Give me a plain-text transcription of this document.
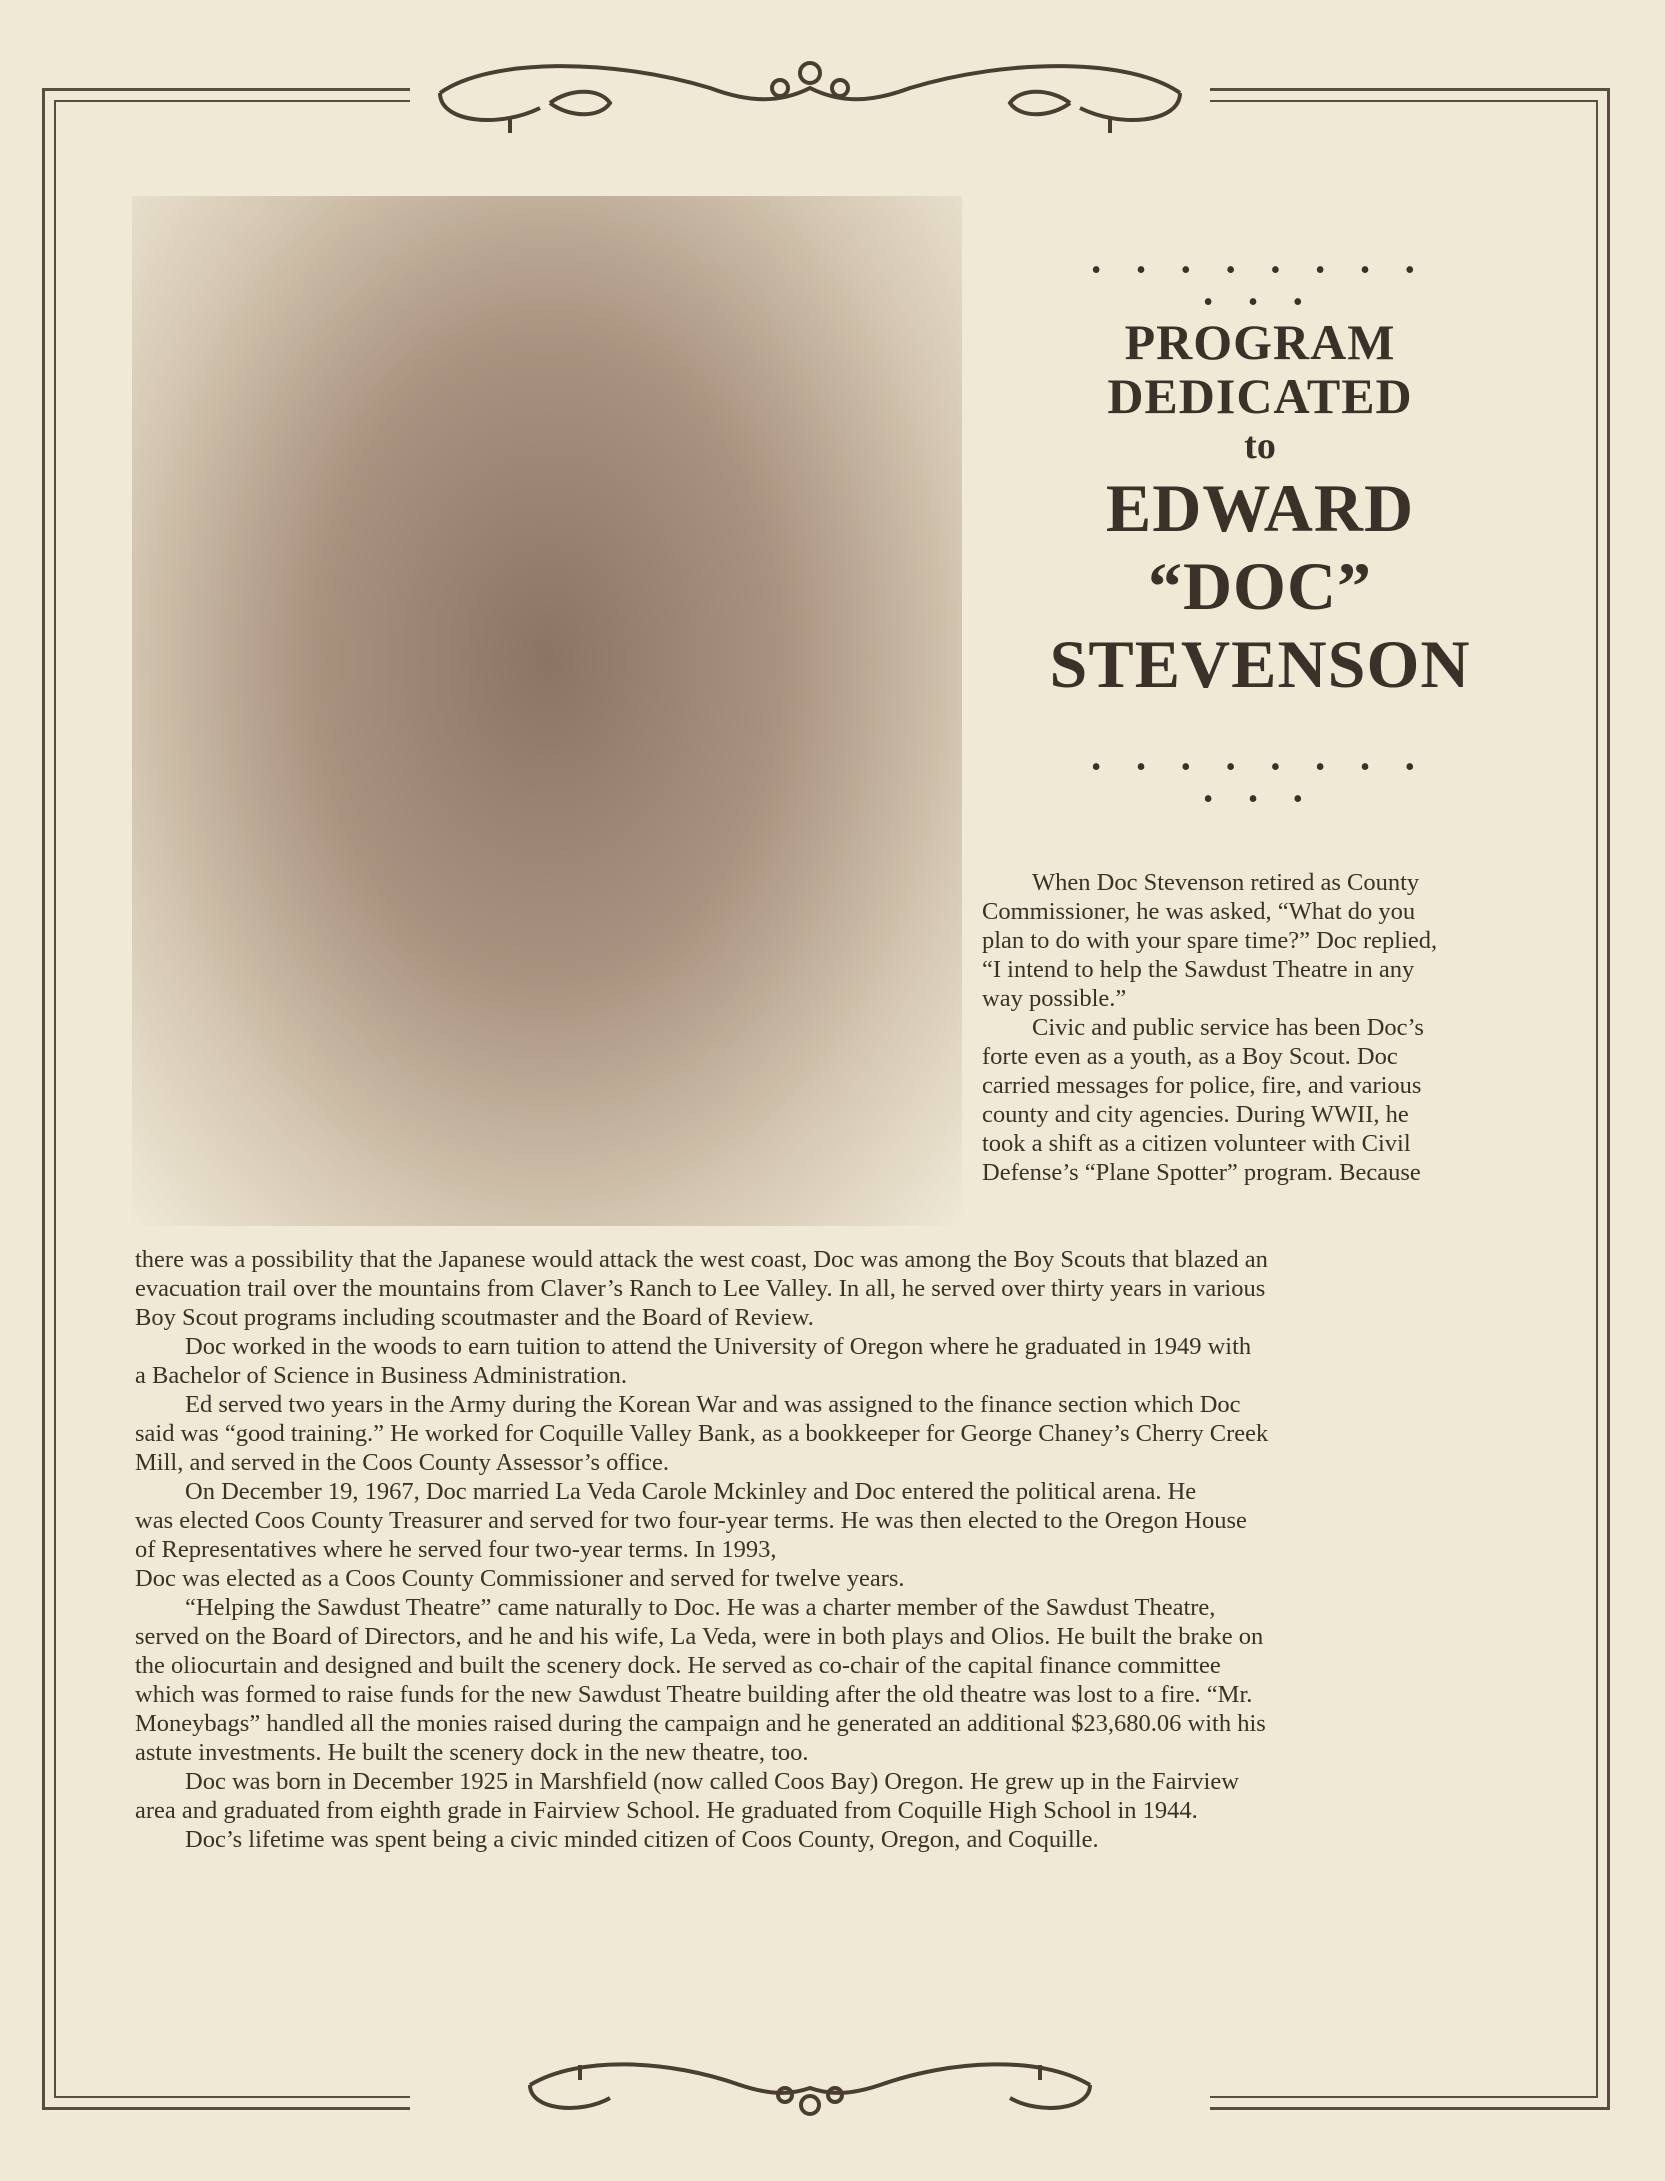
• • • • • • • • • • •
PROGRAM
DEDICATED
to
EDWARD
“DOC”
STEVENSON
• • • • • • • • • • •
When Doc Stevenson retired as County
Commissioner, he was asked, “What do you
plan to do with your spare time?” Doc replied,
“I intend to help the Sawdust Theatre in any
way possible.”
Civic and public service has been Doc’s
forte even as a youth, as a Boy Scout. Doc
carried messages for police, fire, and various
county and city agencies. During WWII, he
took a shift as a citizen volunteer with Civil
Defense’s “Plane Spotter” program. Because
there was a possibility that the Japanese would attack the west coast, Doc was among the Boy Scouts that blazed an
evacuation trail over the mountains from Claver’s Ranch to Lee Valley. In all, he served over thirty years in various
Boy Scout programs including scoutmaster and the Board of Review.
Doc worked in the woods to earn tuition to attend the University of Oregon where he graduated in 1949 with
a Bachelor of Science in Business Administration.
Ed served two years in the Army during the Korean War and was assigned to the finance section which Doc
said was “good training.” He worked for Coquille Valley Bank, as a bookkeeper for George Chaney’s Cherry Creek
Mill, and served in the Coos County Assessor’s office.
On December 19, 1967, Doc married La Veda Carole Mckinley and Doc entered the political arena. He
was elected Coos County Treasurer and served for two four-year terms. He was then elected to the Oregon House
of Representatives where he served four two-year terms. In 1993,
Doc was elected as a Coos County Commissioner and served for twelve years.
“Helping the Sawdust Theatre” came naturally to Doc. He was a charter member of the Sawdust Theatre,
served on the Board of Directors, and he and his wife, La Veda, were in both plays and Olios. He built the brake on
the oliocurtain and designed and built the scenery dock. He served as co-chair of the capital finance committee
which was formed to raise funds for the new Sawdust Theatre building after the old theatre was lost to a fire. “Mr.
Moneybags” handled all the monies raised during the campaign and he generated an additional $23,680.06 with his
astute investments. He built the scenery dock in the new theatre, too.
Doc was born in December 1925 in Marshfield (now called Coos Bay) Oregon. He grew up in the Fairview
area and graduated from eighth grade in Fairview School. He graduated from Coquille High School in 1944.
Doc’s lifetime was spent being a civic minded citizen of Coos County, Oregon, and Coquille.
